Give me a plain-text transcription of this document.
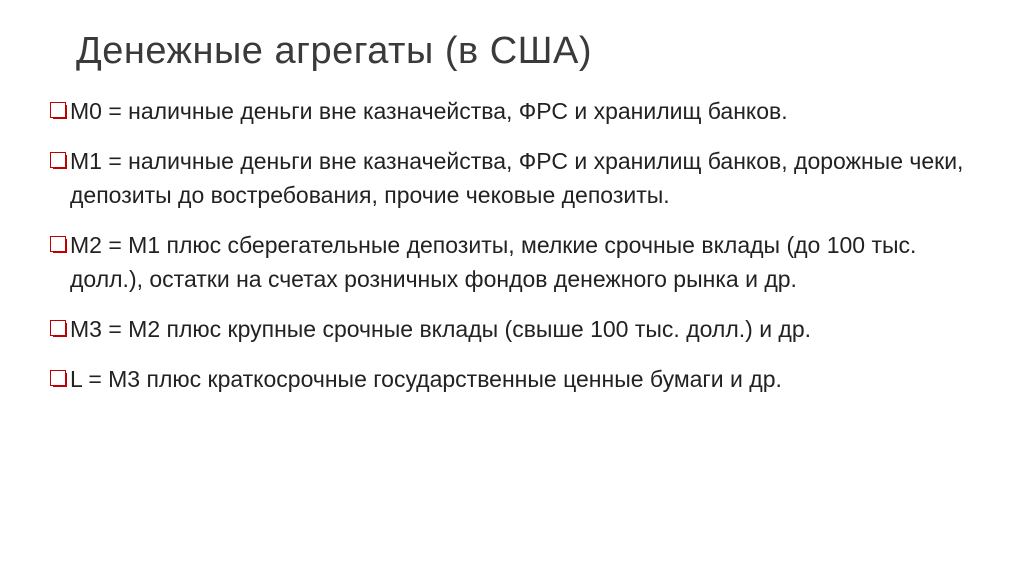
Денежные агрегаты (в США)
M0 = наличные деньги вне казначейства, ФРС и хранилищ банков.
M1 = наличные деньги вне казначейства, ФРС и хранилищ банков, дорожные чеки, депозиты до востребования, прочие чековые депозиты.
M2 = M1 плюс сберегательные депозиты, мелкие срочные вклады (до 100 тыс. долл.), остатки на счетах розничных фондов денежного рынка и др.
M3 = M2 плюс крупные срочные вклады (свыше 100 тыс. долл.) и др.
L = M3 плюс краткосрочные государственные ценные бумаги и др.
